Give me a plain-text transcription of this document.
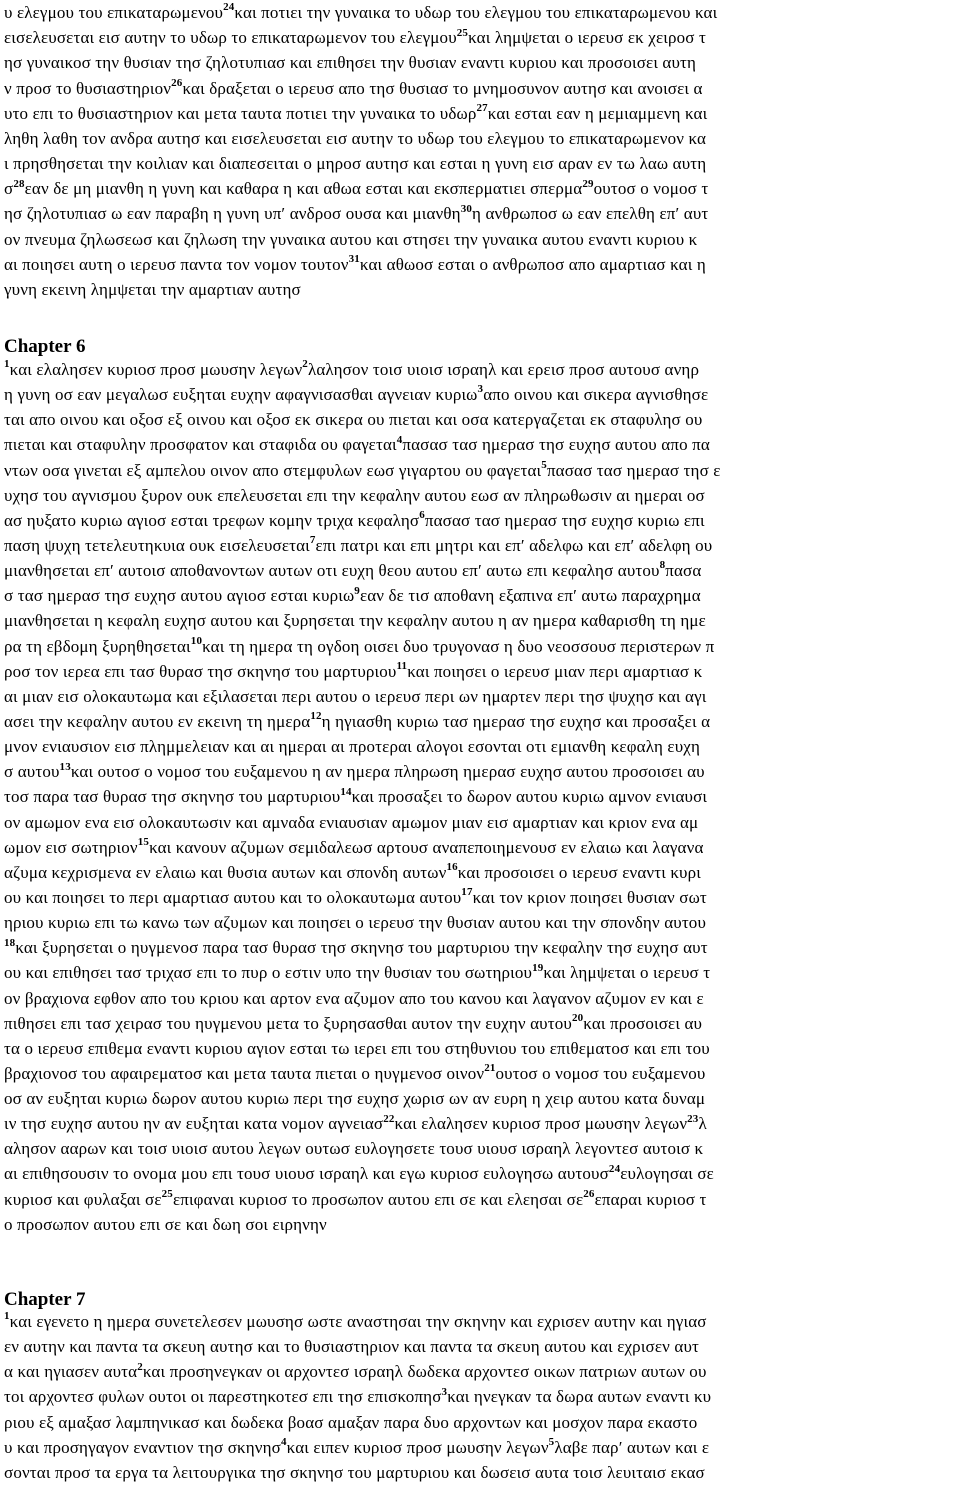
υ ελεγμου του επικαταρωμενου$^{24}$και ποτιει την γυναικα το υδωρ του ελεγμου του επικαταρωμενου και
εισελευσεται εισ αυτην το υδωρ το επικαταρωμενον του ελεγμου$^{25}$και λημψεται ο ιερευσ εκ χειροσ τ
ησ γυναικοσ την θυσιαν τησ ζηλοτυπιασ και επιθησει την θυσιαν εναντι κυριου και προσοισει αυτη
ν προσ το θυσιαστηριον$^{26}$και δραξεται ο ιερευσ απο τησ θυσιασ το μνημοσυνον αυτησ και ανοισει α
υτο επι το θυσιαστηριον και μετα ταυτα ποτιει την γυναικα το υδωρ$^{27}$και εσται εαν η μεμιαμμενη και
ληθη λαθη τον ανδρα αυτησ και εισελευσεται εισ αυτην το υδωρ του ελεγμου το επικαταρωμενον κα
ι πρησθησεται την κοιλιαν και διαπεσειται ο μηροσ αυτησ και εσται η γυνη εισ αραν εν τω λαω αυτη
$\sigma^{28}\varepsilon\alpha\nu$ δε μη μιανθη η γυνη και καθαρα η και αθωα εσται και εκσπερματιει σπερμα$^{29}$ουτοσ ο νομοσ τ
ησ ζηλοτυπιασ ω εαν παραβη η γυνη υπ′ ανδροσ ουσα και μιανθη$^{30}$η ανθρωποσ ω εαν επελθη επ′ αυτ
ον πνευμα ζηλωσεωσ και ζηλωση την γυναικα αυτου και στησει την γυναικα αυτου εναντι κυριου κ
αι ποιησει αυτη ο ιερευσ παντα τον νομον τουτον$^{31}$και αθωοσ εσται ο ανθρωποσ απο αμαρτιασ και η
γυνη εκεινη λημψεται την αμαρτιαν αυτησ
$^1$και ελαλησεν κυριοσ προσ μωυσην λεγων$^2$λαλησον τοισ υιοισ ισραηλ και ερεισ προσ αυτουσ ανηρ
η γυνη οσ εαν μεγαλωσ ευξηται ευχην αφαγνισασθαι αγνειαν κυριω$^3$απο οινου και σικερα αγνισθησε
ται απο οινου και οξοσ εξ οινου και οξοσ εκ σικερα ου πιεται και οσα κατεργαζεται εκ σταφυλησ ου
πιεται και σταφυλην προσφατον και σταφιδα ου φαγεται$^4$πασασ τασ ημερασ τησ ευχησ αυτου απο πα
ντων οσα γινεται εξ αμπελου οινον απο στεμφυλων εωσ γιγαρτου ου φαγεται$^5$πασασ τασ ημερασ τησ ε
υχησ του αγνισμου ξυρον ουκ επελευσεται επι την κεφαλην αυτου εωσ αν πληρωθωσιν αι ημεραι οσ
ασ ηυξατο κυριω αγιοσ εσται τρεφων κομην τριχα κεφαλησ$^6$πασασ τασ ημερασ τησ ευχησ κυριω επι
παση ψυχη τετελευτηκυια ουκ εισελευσεται$^7$επι πατρι και επι μητρι και επ′ αδελφω και επ′ αδελφη ου
μιανθησεται επ′ αυτοισ αποθανοντων αυτων οτι ευχη θεου αυτου επ′ αυτω επι κεφαλησ αυτου$^8$πασα
σ τασ ημερασ τησ ευχησ αυτου αγιοσ εσται κυριω$^9$εαν δε τισ αποθανη εξαπινα επ′ αυτω παραχρημα
μιανθησεται η κεφαλη ευχησ αυτου και ξυρησεται την κεφαλην αυτου η αν ημερα καθαρισθη τη ημε
ρα τη εβδομη ξυρηθησεται$^{10}$και τη ημερα τη ογδοη οισει δυο τρυγονασ η δυο νεοσσουσ περιστερων π
ροσ τον ιερεα επι τασ θυρασ τησ σκηνησ του μαρτυριου$^{11}$και ποιησει ο ιερευσ μιαν περι αμαρτιασ κ
αι μιαν εισ ολοκαυτωμα και εξιλασεται περι αυτου ο ιερευσ περι ων ημαρτεν περι τησ ψυχησ και αγι
ασει την κεφαλην αυτου εν εκεινη τη ημερα$^{12}$η ηγιασθη κυριω τασ ημερασ τησ ευχησ και προσαξει α
μνον ενιαυσιον εισ πλημμελειαν και αι ημεραι αι προτεραι αλογοι εσονται οτι εμιανθη κεφαλη ευχη
σ αυτου$^{13}$και ουτοσ ο νομοσ του ευξαμενου η αν ημερα πληρωση ημερασ ευχησ αυτου προσοισει αυ
τοσ παρα τασ θυρασ τησ σκηνησ του μαρτυριου$^{14}$και προσαξει το δωρον αυτου κυριω αμνον ενιαυσι
ον αμωμον ενα εισ ολοκαυτωσιν και αμναδα ενιαυσιαν αμωμον μιαν εισ αμαρτιαν και κριον ενα αμ
ωμον εισ σωτηριον$^{15}$και κανουν αζυμων σεμιδαλεωσ αρτουσ αναπεποιημενουσ εν ελαιω και λαγανα
αζυμα κεχρισμενα εν ελαιω και θυσια αυτων και σπονδη αυτων$^{16}$και προσοισει ο ιερευσ εναντι κυρι
ου και ποιησει το περι αμαρτιασ αυτου και το ολοκαυτωμα αυτου$^{17}$και τον κριον ποιησει θυσιαν σωτ
ηριου κυριω επι τω κανω των αζυμων και ποιησει ο ιερευσ την θυσιαν αυτου και την σπονδην αυτου
$^{18}$και ξυρησεται ο ηυγμενοσ παρα τασ θυρασ τησ σκηνησ του μαρτυριου την κεφαλην τησ ευχησ αυτ
ου και επιθησει τασ τριχασ επι το πυρ ο εστιν υπο την θυσιαν του σωτηριου$^{19}$και λημψεται ο ιερευσ τ
ον βραχιονα εφθον απο του κριου και αρτον ενα αζυμον απο του κανου και λαγανον αζυμον εν και ε
πιθησει επι τασ χειρασ του ηυγμενου μετα το ξυρησασθαι αυτον την ευχην αυτου$^{20}$και προσοισει αυ
τα ο ιερευσ επιθεμα εναντι κυριου αγιον εσται τω ιερει επι του στηθυνιου του επιθεματοσ και επι του
βραχιονοσ του αφαιρεματοσ και μετα ταυτα πιεται ο ηυγμενοσ οινον$^{21}$ουτοσ ο νομοσ του ευξαμενου
οσ αν ευξηται κυριω δωρον αυτου κυριω περι τησ ευχησ χωρισ ων αν ευρη η χειρ αυτου κατα δυναμ
ιν τησ ευχησ αυτου ην αν ευξηται κατα νομον αγνειασ$^{22}$και ελαλησεν κυριοσ προσ μωυσην λεγων$^{23}$λ
αλησον ααρων και τοισ υιοισ αυτου λεγων ουτωσ ευλογησετε τουσ υιουσ ισραηλ λεγοντεσ αυτοισ κ
αι επιθησουσιν το ονομα μου επι τουσ υιουσ ισραηλ και εγω κυριοσ ευλογησω αυτουσ$^{24}$ευλογησαι σε
κυριοσ και φυλαξαι $\sigma\varepsilon^{25}\varepsilon\pi\iota\varphi\alpha\nu\alpha\iota$ κυριοσ το προσωπον αυτου επι σε και ελεησαι $\sigma\varepsilon^{26}\varepsilon\pi\alpha\rho\alpha\iota$ κυριοσ τ
ο προσωπον αυτου επι σε και δωη σοι ειρηνην
$^1$και εγενετο η ημερα συνετελεσεν μωυσησ ωστε αναστησαι την σκηνην και εχρισεν αυτην και ηγιασ
εν αυτην και παντα τα σκευη αυτησ και το θυσιαστηριον και παντα τα σκευη αυτου και εχρισεν αυτ
α και ηγιασεν αυτα$^2$και προσηνεγκαν οι αρχοντεσ ισραηλ δωδεκα αρχοντεσ οικων πατριων αυτων ου
τοι αρχοντεσ φυλων ουτοι οι παρεστηκοτεσ επι τησ επισκοπησ$^3$και ηνεγκαν τα δωρα αυτων εναντι κυ
ριου εξ αμαξασ λαμπηνικασ και δωδεκα βοασ αμαξαν παρα δυο αρχοντων και μοσχον παρα εκαστο
υ και προσηγαγον εναντιον τησ σκηνησ$^4$και ειπεν κυριοσ προσ μωυσην λεγων$^5$λαβε παρ′ αυτων και ε
σονται προσ τα εργα τα λειτουργικα τησ σκηνησ του μαρτυριου και δωσεισ αυτα τοισ λευιταισ εκασ
Chapter 6
Chapter 7
